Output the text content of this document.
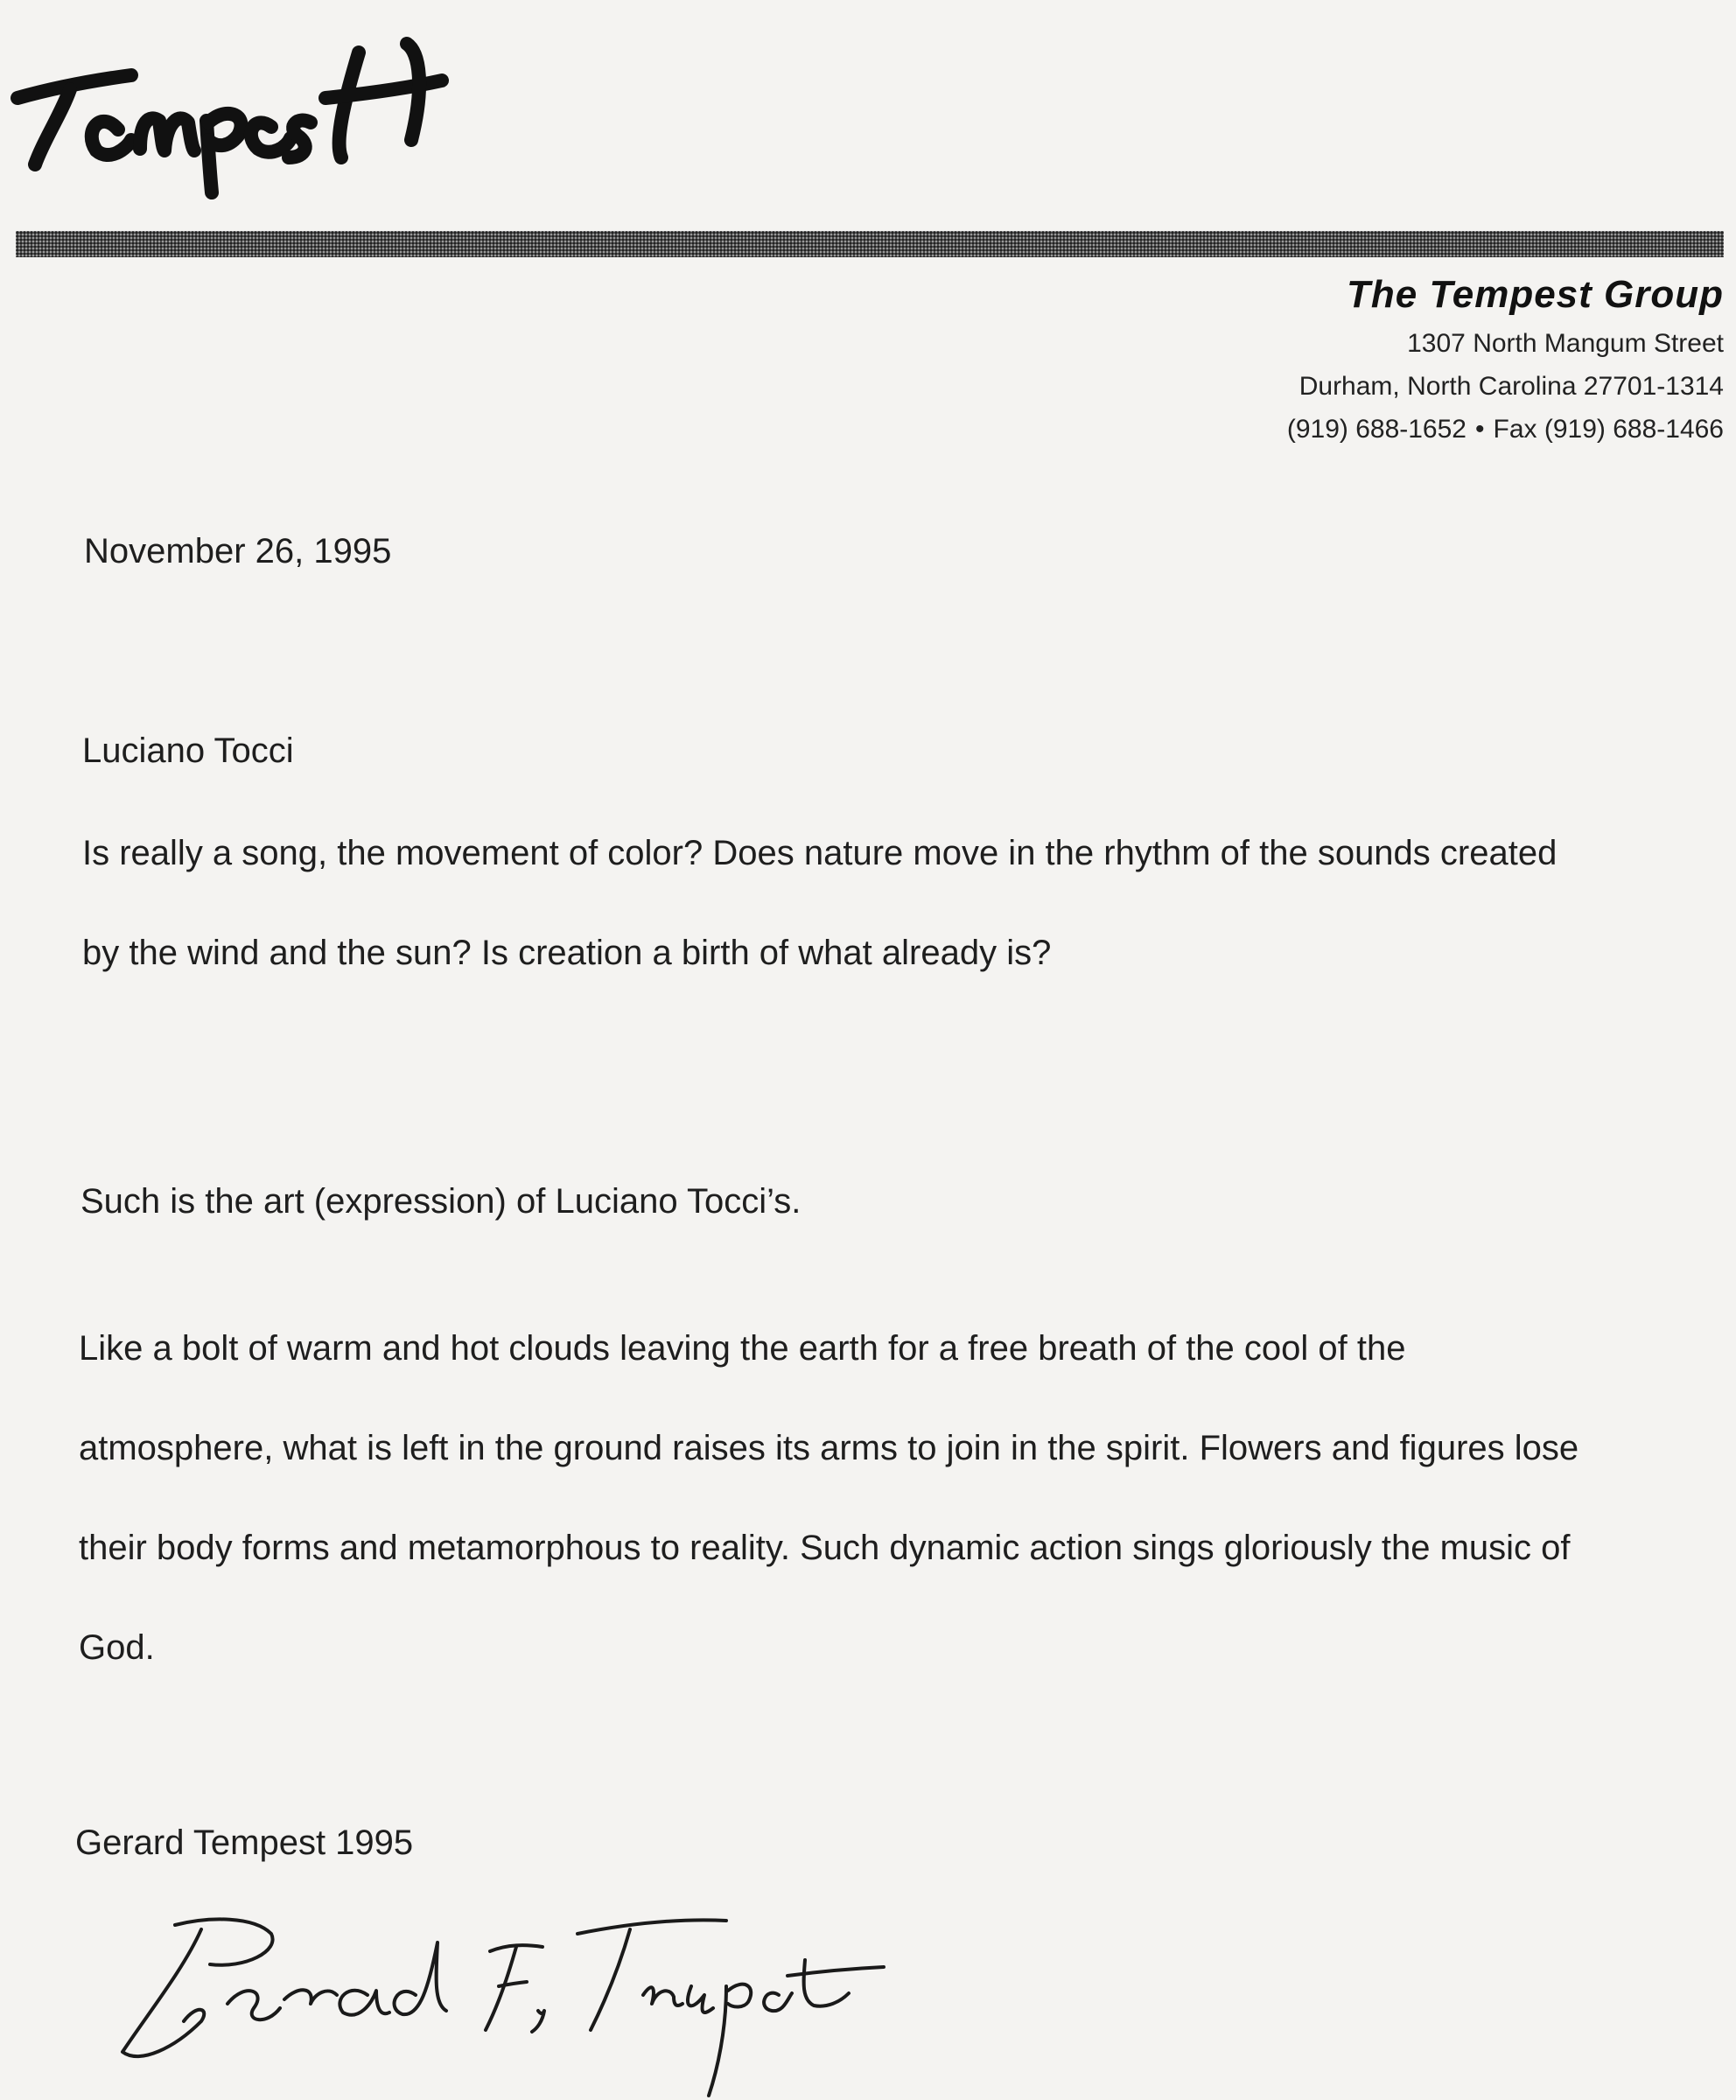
The Tempest Group
1307 North Mangum Street
Durham, North Carolina 27701-1314
(919) 688-1652 • Fax (919) 688-1466
November 26, 1995
Luciano Tocci

Is really a song, the movement of color? Does nature move in the rhythm of the sounds created by the wind and the sun? Is creation a birth of what already is?

Such is the art (expression) of Luciano Tocci’s.

Like a bolt of warm and hot clouds leaving the earth for a free breath of the cool of the atmosphere, what is left in the ground raises its arms to join in the spirit. Flowers and figures lose their body forms and metamorphous to reality. Such dynamic action sings gloriously the music of God.

Gerard Tempest 1995
